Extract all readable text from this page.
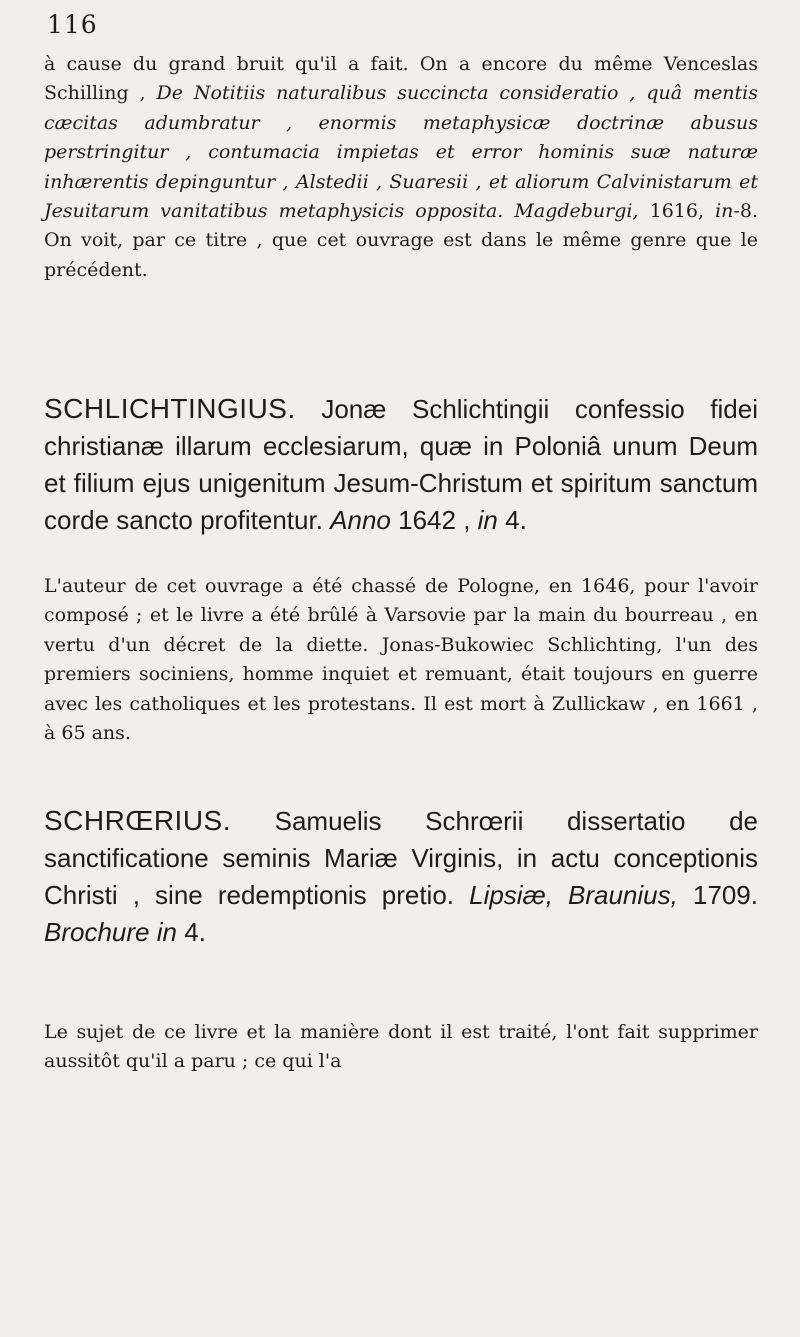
116
à cause du grand bruit qu'il a fait. On a encore du même Venceslas Schilling , De Notitiis naturalibus succincta consideratio , quâ mentis cæcitas adumbratur , enormis metaphysicæ doctrinæ abusus perstringitur , contumacia impietas et error hominis suæ naturæ inhærentis depinguntur , Alstedii , Suaresii , et aliorum Calvinistarum et Jesuitarum vanitatibus metaphysicis opposita. Magdeburgi, 1616, in-8. On voit, par ce titre , que cet ouvrage est dans le même genre que le précédent.
SCHLICHTINGIUS. Jonæ Schlichtingii confessio fidei christianæ illarum ecclesiarum, quæ in Poloniâ unum Deum et filium ejus unigenitum Jesum-Christum et spiritum sanctum corde sancto profitentur. Anno 1642 , in 4.
L'auteur de cet ouvrage a été chassé de Pologne, en 1646, pour l'avoir composé ; et le livre a été brûlé à Varsovie par la main du bourreau , en vertu d'un décret de la diette. Jonas-Bukowiec Schlichting, l'un des premiers sociniens, homme inquiet et remuant, était toujours en guerre avec les catholiques et les protestans. Il est mort à Zullickaw , en 1661 , à 65 ans.
SCHRŒRIUS. Samuelis Schrœrii dissertatio de sanctificatione seminis Mariæ Virginis, in actu conceptionis Christi , sine redemptionis pretio. Lipsiæ, Braunius, 1709. Brochure in 4.
Le sujet de ce livre et la manière dont il est traité, l'ont fait supprimer aussitôt qu'il a paru ; ce qui l'a
